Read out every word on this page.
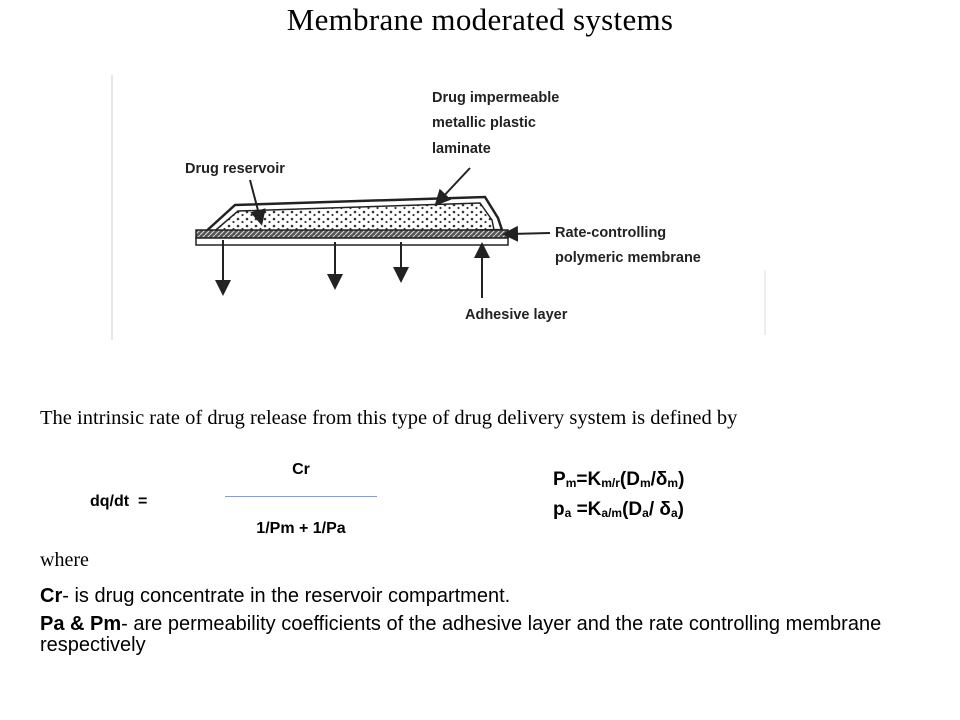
Membrane moderated systems
Drug impermeable
metallic plastic
laminate
Drug reservoir
Rate-controlling
polymeric membrane
Adhesive layer
The intrinsic rate of drug release from this type of drug delivery system is defined by
dq/dt  =
Cr
1/Pm + 1/Pa
$P_m=K_{m/r}(D_m/\delta_m)$
$p_a =K_{a/m}(D_a/$ $\delta_a$)
where
Cr- is drug concentrate in the reservoir compartment.
Pa & Pm- are permeability coefficients of the adhesive layer and the rate controlling membrane respectively
